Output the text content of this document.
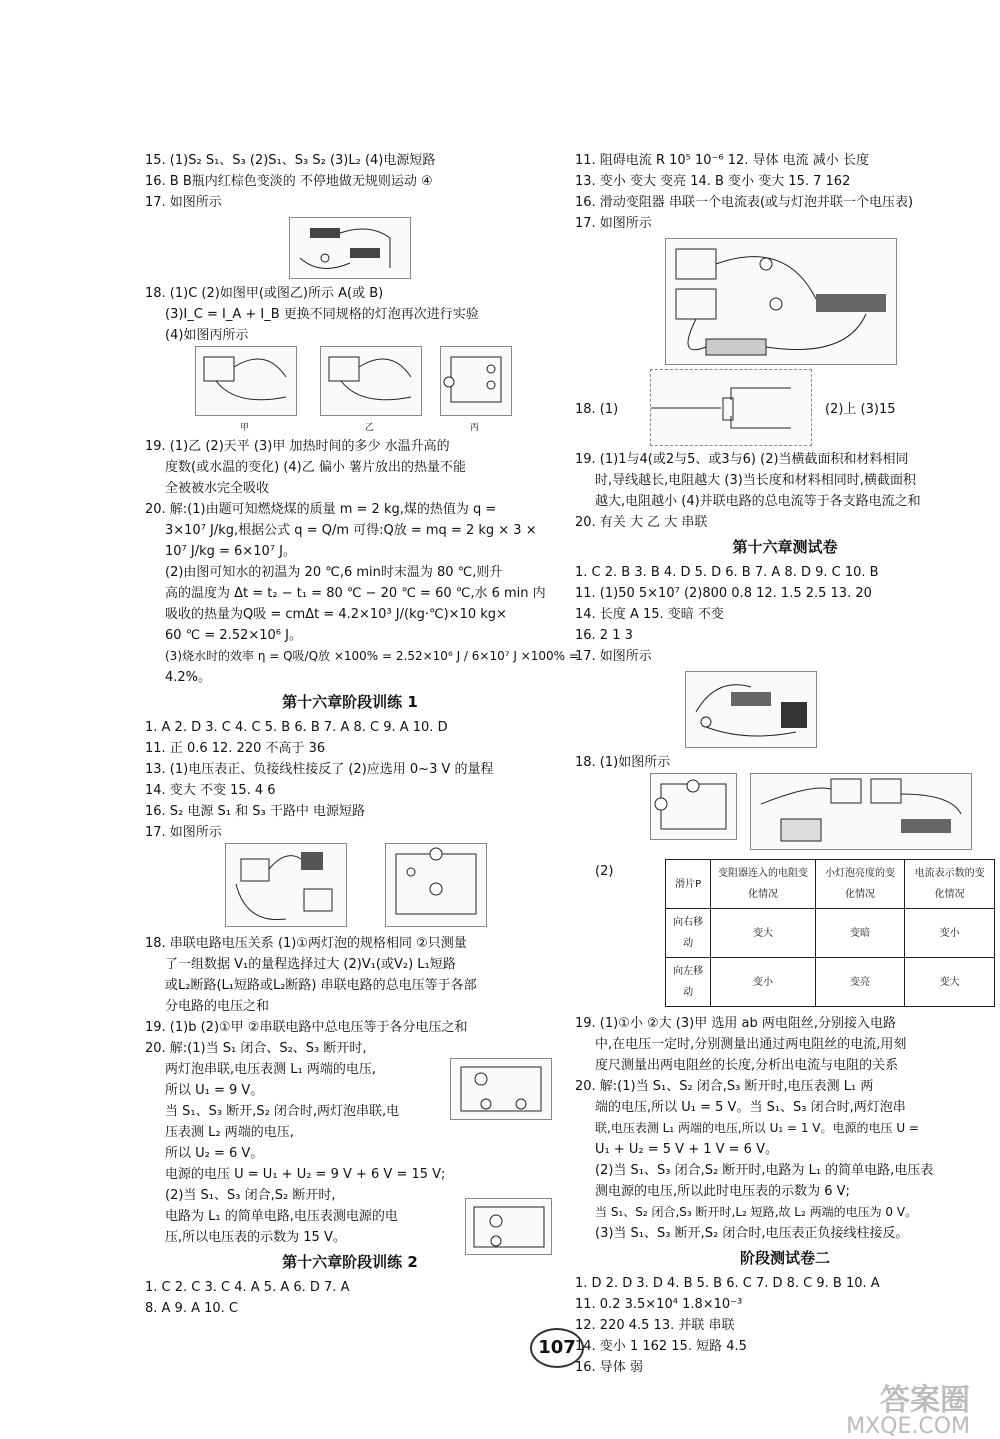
15. (1)S₂ S₁、S₃ (2)S₁、S₃ S₂ (3)L₂ (4)电源短路
16. B B瓶内红棕色变淡的 不停地做无规则运动 ④
17. 如图所示
18. (1)C (2)如图甲(或图乙)所示 A(或 B)
(3)I_C = I_A + I_B 更换不同规格的灯泡再次进行实验
(4)如图丙所示
甲	乙	丙
19. (1)乙 (2)天平 (3)甲 加热时间的多少 水温升高的
度数(或水温的变化) (4)乙 偏小 薯片放出的热量不能
全被被水完全吸收
20. 解:(1)由题可知燃烧煤的质量 m = 2 kg,煤的热值为 q =
3×10⁷ J/kg,根据公式 q = Q/m 可得:Q放 = mq = 2 kg × 3 ×
10⁷ J/kg = 6×10⁷ J。
(2)由图可知水的初温为 20 ℃,6 min时末温为 80 ℃,则升
高的温度为 Δt = t₂ − t₁ = 80 ℃ − 20 ℃ = 60 ℃,水 6 min 内
吸收的热量为Q吸 = cmΔt = 4.2×10³ J/(kg·℃)×10 kg×
60 ℃ = 2.52×10⁶ J。
(3)烧水时的效率 η = Q吸/Q放 ×100% = 2.52×10⁶ J / 6×10⁷ J ×100% =
4.2%。
第十六章阶段训练 1
1. A 2. D 3. C 4. C 5. B 6. B 7. A 8. C 9. A 10. D
11. 正 0.6 12. 220 不高于 36
13. (1)电压表正、负接线柱接反了 (2)应选用 0~3 V 的量程
14. 变大 不变 15. 4 6
16. S₂ 电源 S₁ 和 S₃ 干路中 电源短路
17. 如图所示
18. 串联电路电压关系 (1)①两灯泡的规格相同 ②只测量
了一组数据 V₁的量程选择过大 (2)V₁(或V₂) L₁短路
或L₂断路(L₁短路或L₂断路) 串联电路的总电压等于各部
分电路的电压之和
19. (1)b (2)①甲 ②串联电路中总电压等于各分电压之和
20. 解:(1)当 S₁ 闭合、S₂、S₃ 断开时,
两灯泡串联,电压表测 L₁ 两端的电压,
所以 U₁ = 9 V。
当 S₁、S₃ 断开,S₂ 闭合时,两灯泡串联,电
压表测 L₂ 两端的电压,
所以 U₂ = 6 V。
电源的电压 U = U₁ + U₂ = 9 V + 6 V = 15 V;
(2)当 S₁、S₃ 闭合,S₂ 断开时,
电路为 L₁ 的简单电路,电压表测电源的电
压,所以电压表的示数为 15 V。
第十六章阶段训练 2
1. C 2. C 3. C 4. A 5. A 6. D 7. A
8. A 9. A 10. C
11. 阻碍电流 R 10⁵ 10⁻⁶ 12. 导体 电流 减小 长度
13. 变小 变大 变亮 14. B 变小 变大 15. 7 162
16. 滑动变阻器 串联一个电流表(或与灯泡并联一个电压表)
17. 如图所示
18. (1)	(2)上 (3)15
19. (1)1与4(或2与5、或3与6) (2)当横截面积和材料相同
时,导线越长,电阻越大 (3)当长度和材料相同时,横截面积
越大,电阻越小 (4)并联电路的总电流等于各支路电流之和
20. 有关 大 乙 大 串联
第十六章测试卷
1. C 2. B 3. B 4. D 5. D 6. B 7. A 8. D 9. C 10. B
11. (1)50 5×10⁷ (2)800 0.8 12. 1.5 2.5 13. 20
14. 长度 A 15. 变暗 不变
16. 2 1 3
17. 如图所示
18. (1)如图所示
(2)
滑片P	变阻器连入的电阻变化情况	小灯泡亮度的变化情况	电流表示数的变化情况
向右移动	变大	变暗	变小
向左移动	变小	变亮	变大
19. (1)①小 ②大 (3)甲 选用 ab 两电阻丝,分别接入电路
中,在电压一定时,分别测量出通过两电阻丝的电流,用刻
度尺测量出两电阻丝的长度,分析出电流与电阻的关系
20. 解:(1)当 S₁、S₂ 闭合,S₃ 断开时,电压表测 L₁ 两
端的电压,所以 U₁ = 5 V。当 S₁、S₃ 闭合时,两灯泡串
联,电压表测 L₁ 两端的电压,所以 U₁ = 1 V。电源的电压 U =
U₁ + U₂ = 5 V + 1 V = 6 V。
(2)当 S₁、S₃ 闭合,S₂ 断开时,电路为 L₁ 的简单电路,电压表
测电源的电压,所以此时电压表的示数为 6 V;
当 S₁、S₂ 闭合,S₃ 断开时,L₂ 短路,故 L₂ 两端的电压为 0 V。
(3)当 S₁、S₃ 断开,S₂ 闭合时,电压表正负接线柱接反。
阶段测试卷二
1. D 2. D 3. D 4. B 5. B 6. C 7. D 8. C 9. B 10. A
11. 0.2 3.5×10⁴ 1.8×10⁻³
12. 220 4.5 13. 并联 串联
14. 变小 1 162 15. 短路 4.5
16. 导体 弱
107
答案圈
MXQE.COM
